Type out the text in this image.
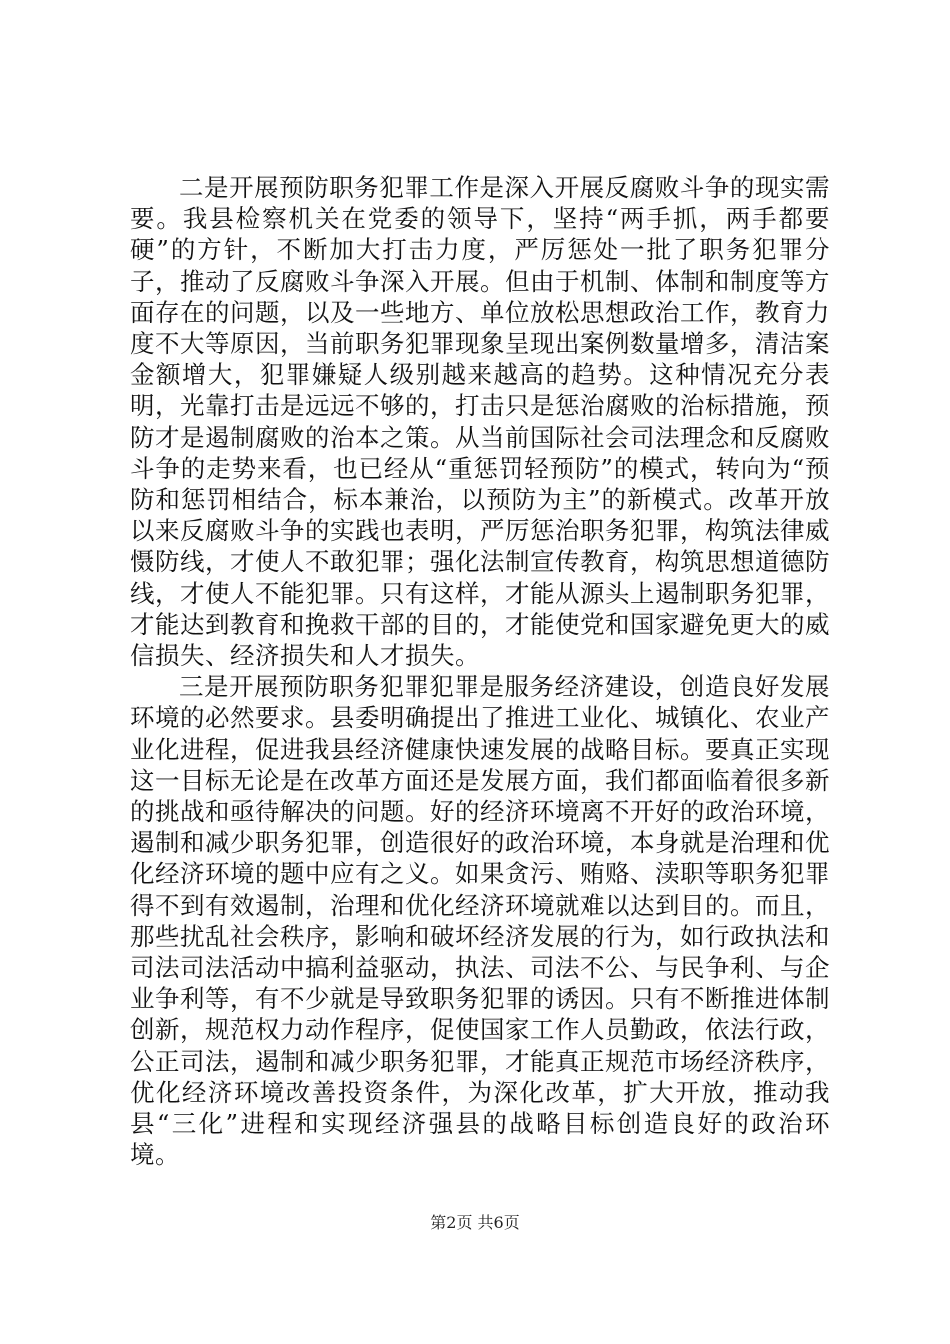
二是开展预防职务犯罪工作是深入开展反腐败斗争的现实需要。我县检察机关在党委的领导下，坚持“两手抓，两手都要硬”的方针，不断加大打击力度，严厉惩处一批了职务犯罪分子，推动了反腐败斗争深入开展。但由于机制、体制和制度等方面存在的问题，以及一些地方、单位放松思想政治工作，教育力度不大等原因，当前职务犯罪现象呈现出案例数量增多，清洁案金额增大，犯罪嫌疑人级别越来越高的趋势。这种情况充分表明，光靠打击是远远不够的，打击只是惩治腐败的治标措施，预防才是遏制腐败的治本之策。从当前国际社会司法理念和反腐败斗争的走势来看，也已经从“重惩罚轻预防”的模式，转向为“预防和惩罚相结合，标本兼治，以预防为主”的新模式。改革开放以来反腐败斗争的实践也表明，严厉惩治职务犯罪，构筑法律威慑防线，才使人不敢犯罪；强化法制宣传教育，构筑思想道德防线，才使人不能犯罪。只有这样，才能从源头上遏制职务犯罪，才能达到教育和挽救干部的目的，才能使党和国家避免更大的威信损失、经济损失和人才损失。

三是开展预防职务犯罪犯罪是服务经济建设，创造良好发展环境的必然要求。县委明确提出了推进工业化、城镇化、农业产业化进程，促进我县经济健康快速发展的战略目标。要真正实现这一目标无论是在改革方面还是发展方面，我们都面临着很多新的挑战和亟待解决的问题。好的经济环境离不开好的政治环境，遏制和减少职务犯罪，创造很好的政治环境，本身就是治理和优化经济环境的题中应有之义。如果贪污、贿赂、渎职等职务犯罪得不到有效遏制，治理和优化经济环境就难以达到目的。而且，那些扰乱社会秩序，影响和破坏经济发展的行为，如行政执法和司法司法活动中搞利益驱动，执法、司法不公、与民争利、与企业争利等，有不少就是导致职务犯罪的诱因。只有不断推进体制创新，规范权力动作程序，促使国家工作人员勤政，依法行政，公正司法，遏制和减少职务犯罪，才能真正规范市场经济秩序，优化经济环境改善投资条件，为深化改革，扩大开放，推动我县“三化”进程和实现经济强县的战略目标创造良好的政治环境。

第2页 共6页
